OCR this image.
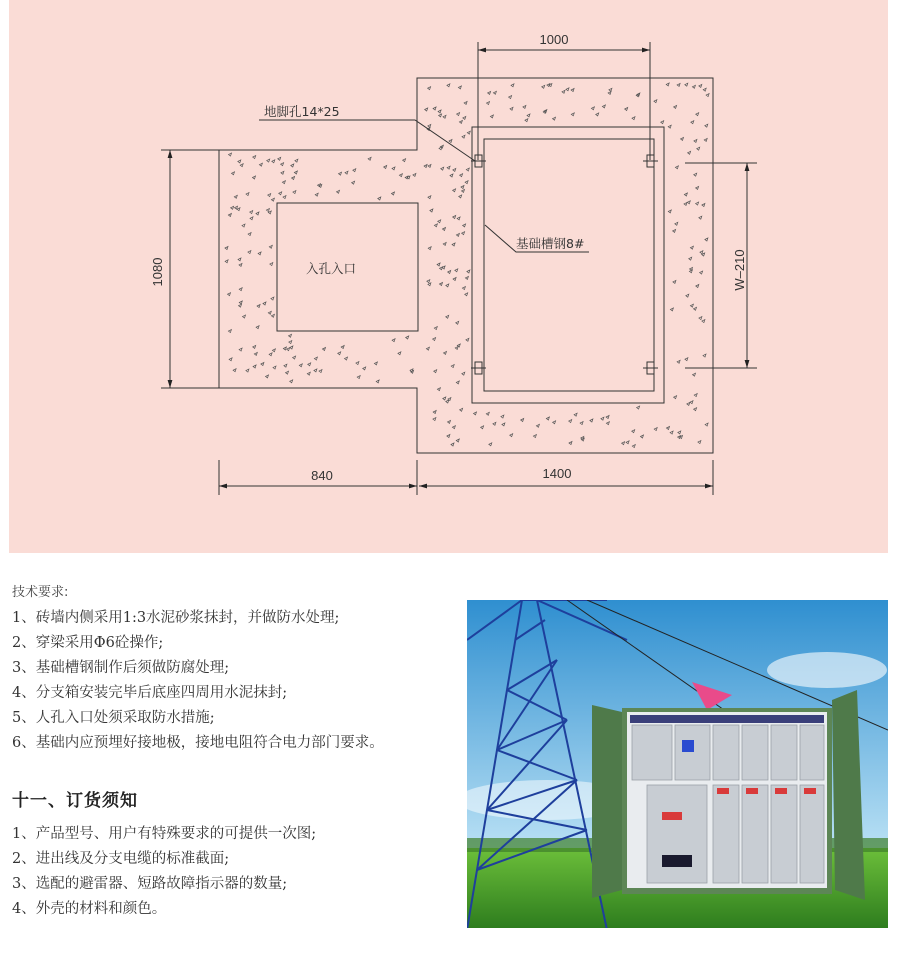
1000
1080	W–210
840	1400
地脚孔14*25
入孔入口
基础槽钢8#
技术要求:
1、砖墙内侧采用1:3水泥砂浆抹封，并做防水处理;
2、穿梁采用Φ6砼操作;
3、基础槽钢制作后须做防腐处理;
4、分支箱安装完毕后底座四周用水泥抹封;
5、人孔入口处须采取防水措施;
6、基础内应预埋好接地极，接地电阻符合电力部门要求。
十一、订货须知
1、产品型号、用户有特殊要求的可提供一次图;
2、进出线及分支电缆的标准截面;
3、选配的避雷器、短路故障指示器的数量;
4、外壳的材料和颜色。
